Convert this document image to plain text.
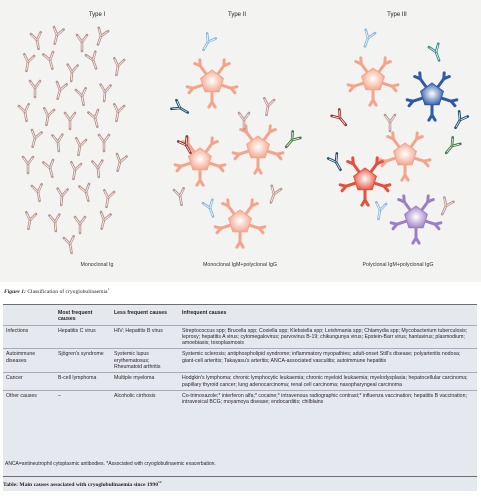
Type I	Type II	Type III
Monoclonal Ig	Monoclonal IgM+polyclonal IgG	Polyclonal IgM+polyclonal IgG
Figure 1: Classification of cryoglobulinaemia$^1$
	Most frequent causes	Less frequent causes	Infrequent causes
Infections	Hepatitis C virus	HIV; Hepatitis B virus	Streptococcus spp; Brucella spp; Coxiella spp; Klebsiella spp; Leishmania spp; Chlamydia spp; Mycobacterium tuberculosis; leprosy; hepatitis A virus; cytomegalovirus; parvovirus B-19; chikungunya virus; Epstein-Barr virus; hantavirus; plasmodium; amoebiasis; toxoplasmosis
Autoimmune diseases	Sjögren's syndrome	Systemic lupus erythematosus; Rheumatoid arthritis	Systemic sclerosis; antiphospholipid syndrome; inflammatory myopathies; adult-onset Still's disease; polyarteritis nodosa; giant-cell arteritis; Takayasu's arteritis; ANCA-associated vasculitis; autoimmune hepatitis
Cancer	B-cell lymphoma	Multiple myeloma	Hodgkin's lymphoma; chronic lymphocytic leukaemia; chronic myeloid leukaemia; myelodysplasia; hepatocellular carcinoma; papillary thyroid cancer; lung adenocarcinoma; renal cell carcinoma; nasopharyngeal carcinoma
Other causes	–	Alcoholic cirrhosis	Co-trimoxazole;* interferon alfa;* cocaine;* intravenous radiographic contrast;* influenza vaccination; hepatitis B vaccination; intravesical BCG; moyamoya disease; endocarditis; chilblains
ANCA=antineutrophil cytoplasmic antibodies. *Associated with cryoglobulinaemic exacerbation.
Table: Main causes associated with cryoglobulinaemia since 1990$^{12}$
